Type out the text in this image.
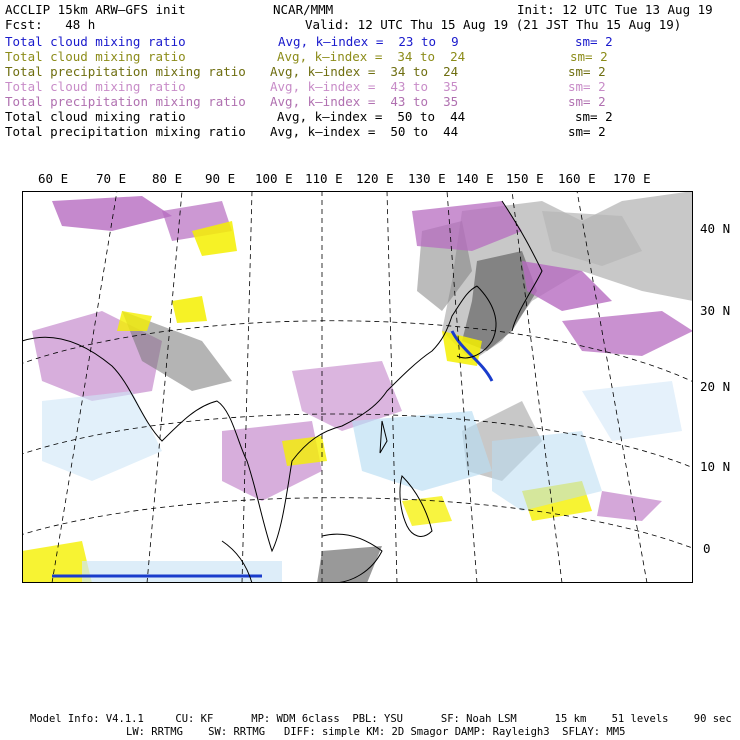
ACCLIP 15km ARW–GFS init	NCAR/MMM	Init: 12 UTC Tue 13 Aug 19
Fcst:   48 h	Valid: 12 UTC Thu 15 Aug 19 (21 JST Thu 15 Aug 19)
Total cloud mixing ratio	Avg, k–index =  23 to  9	sm= 2
Total cloud mixing ratio	Avg, k–index =  34 to  24	sm= 2
Total precipitation mixing ratio Avg, k–index =  34 to  24	sm= 2
Total cloud mixing ratio	Avg, k–index =  43 to  35	sm= 2
Total precipitation mixing ratio Avg, k–index =  43 to  35	sm= 2
Total cloud mixing ratio	Avg, k–index =  50 to  44	sm= 2
Total precipitation mixing ratio Avg, k–index =  50 to  44	sm= 2
60 E 70 E 80 E 90 E 100 E 110 E 120 E 130 E 140 E 150 E 160 E 170 E
40 N
30 N
20 N
10 N
0
Model Info: V4.1.1     CU: KF      MP: WDM 6class  PBL: YSU      SF: Noah LSM      15 km    51 levels    90 sec
LW: RRTMG    SW: RRTMG   DIFF: simple KM: 2D Smagor DAMP: Rayleigh3  SFLAY: MM5
